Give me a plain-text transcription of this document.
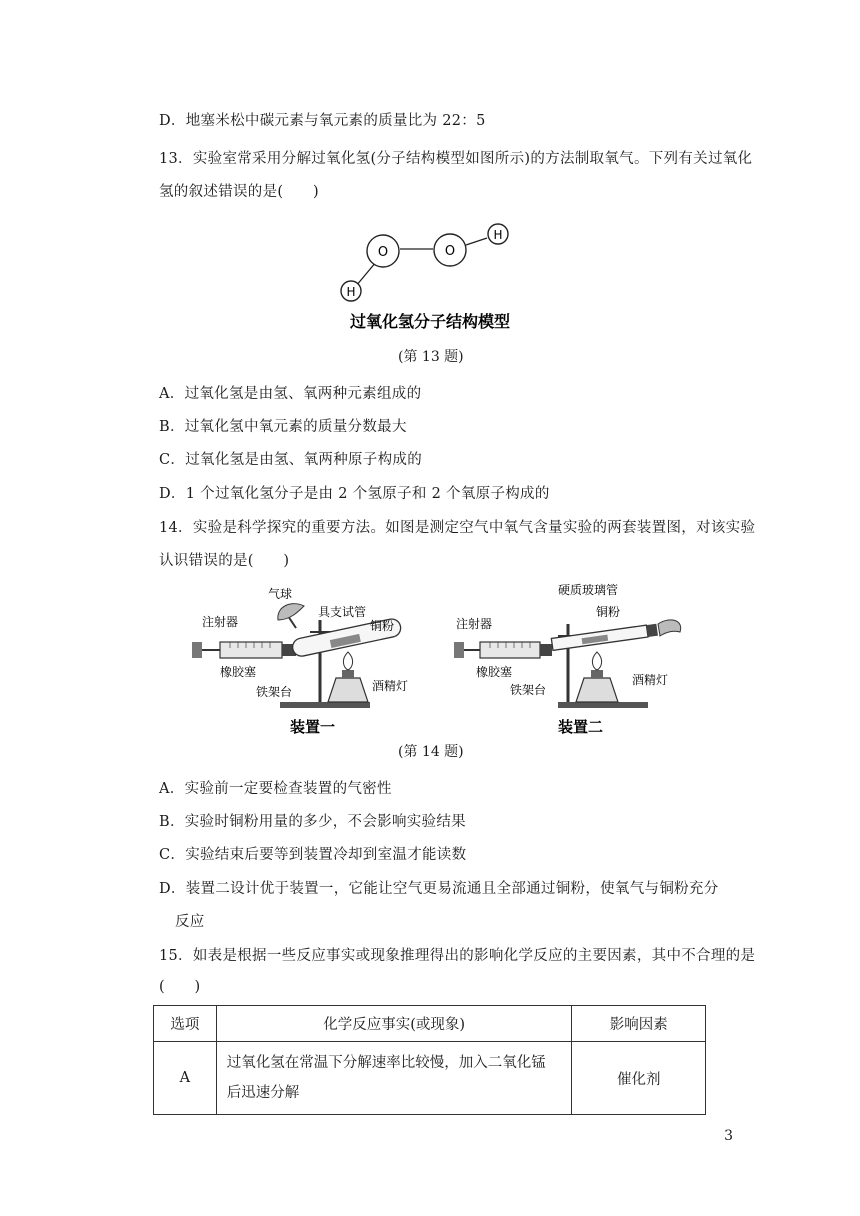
D．地塞米松中碳元素与氧元素的质量比为 22：5
13．实验室常采用分解过氧化氢(分子结构模型如图所示)的方法制取氧气。下列有关过氧化
氢的叙述错误的是(　　)
O	O
H
H
过氧化氢分子结构模型
(第 13 题)
A．过氧化氢是由氢、氧两种元素组成的
B．过氧化氢中氧元素的质量分数最大
C．过氧化氢是由氢、氧两种原子构成的
D．1 个过氧化氢分子是由 2 个氢原子和 2 个氧原子构成的
14．实验是科学探究的重要方法。如图是测定空气中氧气含量实验的两套装置图，对该实验
认识错误的是(　　)
气球
注射器
具支试管
铜粉
橡胶塞
铁架台	酒精灯
装置一
硬质玻璃管
铜粉
注射器
橡胶塞
铁架台
酒精灯
装置二
(第 14 题)
A．实验前一定要检查装置的气密性
B．实验时铜粉用量的多少，不会影响实验结果
C．实验结束后要等到装置冷却到室温才能读数
D．装置二设计优于装置一，它能让空气更易流通且全部通过铜粉，使氧气与铜粉充分
反应
15．如表是根据一些反应事实或现象推理得出的影响化学反应的主要因素，其中不合理的是
(　　)
选项	化学反应事实(或现象)	影响因素
A	过氧化氢在常温下分解速率比较慢，加入二氧化锰
后迅速分解	催化剂
3
